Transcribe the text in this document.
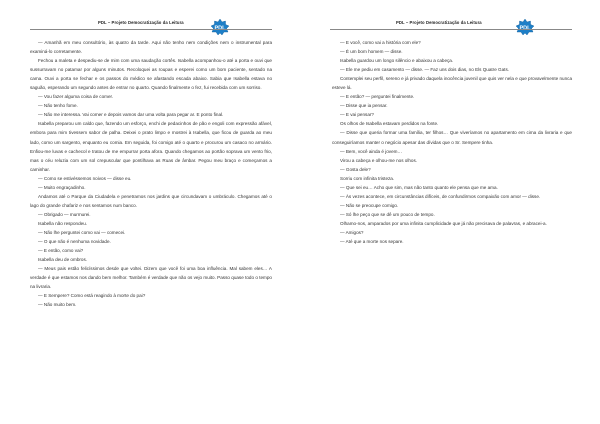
PDL – Projeto Democratização da Leitura
PDL

— Amanhã em meu consultório, às quatro da tarde. Aqui não tenho nem condições nem o instrumental para examiná-lo corretamente.

Fechou a maleta e despediu-se de mim com uma saudação cortês. Isabella acompanhou-o até a porta e ouvi que sussurravam no patamar por alguns minutos. Recoloquei as roupas e esperei como um bom paciente, sentado na cama. Ouvi a porta se fechar e os passos do médico se afastando escada abaixo. Sabia que Isabella estava no saguão, esperando um segundo antes de entrar no quarto. Quando finalmente o fez, fui recebida com um sorriso.

— Vou fazer alguma coisa de comer.

— Não tenho fome.

— Não me interessa. Vai comer e depois vamos dar uma volta para pegar ar. E ponto final.

Isabella preparou um caldo que, fazendo um esforço, enchi de pedacinhos de pão e engoli com expressão afável, embora para mim tivessem sabor de palha. Deixei o prato limpo e mostrei à Isabella, que ficou de guarda ao meu lado, como um sargento, enquanto eu comia. Em seguida, foi comigo até o quarto e procurou um casaco no armário. Enfiou-me luvas e cachecol e tratou de me empurrar porta afora. Quando chegamos ao portão soprava um vento frio, mas o céu reluzia com um sol crepuscular que pontilhava as Ruas de âmbar. Pegou meu braço e começamos a caminhar.

— Como se estivéssemos noivos — disse eu.

— Muito engraçadinho.

Andamos até o Parque da Ciudadela e penetramos nos jardins que circundavam o umbráculo. Chegamos até o lago do grande chafariz e nos sentamos num banco.

— Obrigado — murmurei.

Isabella não respondeu.

— Não lhe perguntei como vai — comecei.

— O que não é nenhuma novidade.

— E então, como vai?

Isabella deu de ombros.

— Meus pais estão felicíssimos desde que voltei. Dizem que você foi uma boa influência. Mal sabem eles… A verdade é que estamos nos dando bem melhor. Também é verdade que não os vejo muito. Passo quase todo o tempo na livraria.

— E Sempere? Como está reagindo à morte do pai?

— Não muito bem.

PDL – Projeto Democratização da Leitura
PDL

— E você, como vai a história com ele?

— É um bom homem — disse.

Isabella guardou um longo silêncio e abaixou a cabeça.

— Ele me pediu em casamento — disse. — Faz uns dois dias, no Els Quatre Gats.

Contemplei seu perfil, sereno e já privado daquela inocência juvenil que quis ver nela e que provavelmente nunca esteve lá.

— E então? — perguntei finalmente.

— Disse que ia pensar.

— E vai pensar?

Os olhos de Isabella estavam perdidos na fonte.

— Disse que queria formar uma família, ter filhos… Que viveríamos no apartamento em cima da livraria e que conseguiríamos manter o negócio apesar das dívidas que o Sr. Sempere tinha.

— Bem, você ainda é jovem…

Virou a cabeça e olhou-me nos olhos.

— Gosta dele?

Sorriu com infinita tristeza.

— Que sei eu… Acho que sim, mas não tanto quanto ele pensa que me ama.

— Às vezes acontece, em circunstâncias difíceis, de confundirmos compaixão com amor — disse.

— Não se preocupe comigo.

— Só lhe peço que se dê um pouco de tempo.

Olhamo-nos, amparados por uma infinita cumplicidade que já não precisava de palavras, e abracei-a.

— Amigos?

— Até que a morte nos separe.
